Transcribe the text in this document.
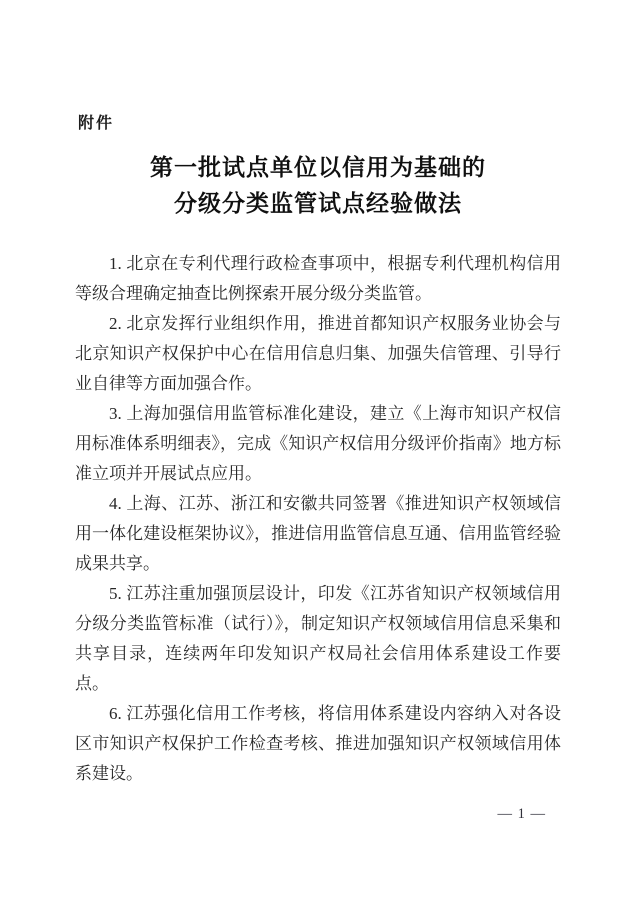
附件
第一批试点单位以信用为基础的
分级分类监管试点经验做法

1. 北京在专利代理行政检查事项中，根据专利代理机构信用等级合理确定抽查比例探索开展分级分类监管。

2. 北京发挥行业组织作用，推进首都知识产权服务业协会与北京知识产权保护中心在信用信息归集、加强失信管理、引导行业自律等方面加强合作。

3. 上海加强信用监管标准化建设，建立《上海市知识产权信用标准体系明细表》，完成《知识产权信用分级评价指南》地方标准立项并开展试点应用。

4. 上海、江苏、浙江和安徽共同签署《推进知识产权领域信用一体化建设框架协议》，推进信用监管信息互通、信用监管经验成果共享。

5. 江苏注重加强顶层设计，印发《江苏省知识产权领域信用分级分类监管标准（试行）》，制定知识产权领域信用信息采集和共享目录，连续两年印发知识产权局社会信用体系建设工作要点。

6. 江苏强化信用工作考核，将信用体系建设内容纳入对各设区市知识产权保护工作检查考核、推进加强知识产权领域信用体系建设。

— 1 —
